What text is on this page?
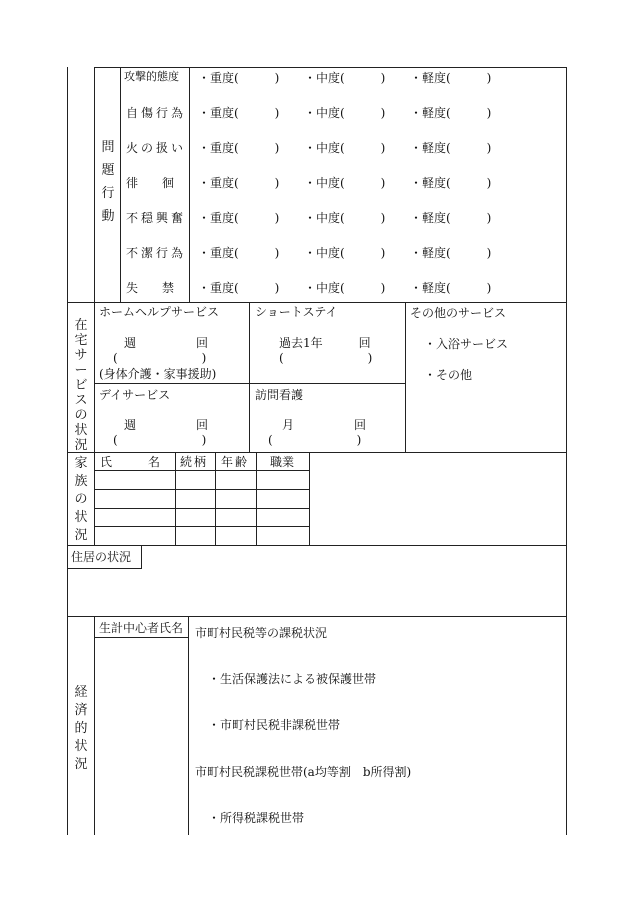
問題行動
攻撃的態度 ・重度(　　　) ・中度(　　　) ・軽度(　　　)
自傷行為 ・重度(　　　) ・中度(　　　) ・軽度(　　　)
火の扱い ・重度(　　　) ・中度(　　　) ・軽度(　　　)
徘　　徊 ・重度(　　　) ・中度(　　　) ・軽度(　　　)
不穏興奮 ・重度(　　　) ・中度(　　　) ・軽度(　　　)
不潔行為 ・重度(　　　) ・中度(　　　) ・軽度(　　　)
失　　禁 ・重度(　　　) ・中度(　　　) ・軽度(　　　)
在宅サービスの状況
ホームヘルプサービス
週　　　　　回
(　　　　　　　)
(身体介護・家事援助)
ショートステイ
過去1年　　　回
(　　　　　　　)
デイサービス
週　　　　　回
(　　　　　　　)
訪問看護
月　　　　　回
(　　　　　　　)
その他のサービス
・入浴サービス
・その他
家族の状況
氏　　　名 続柄 年齢 職業
住居の状況
経済的状況
生計中心者氏名 市町村民税等の課税状況
・生活保護法による被保護世帯
・市町村民税非課税世帯
市町村民税課税世帯(a均等割　b所得割)
・所得税課税世帯
